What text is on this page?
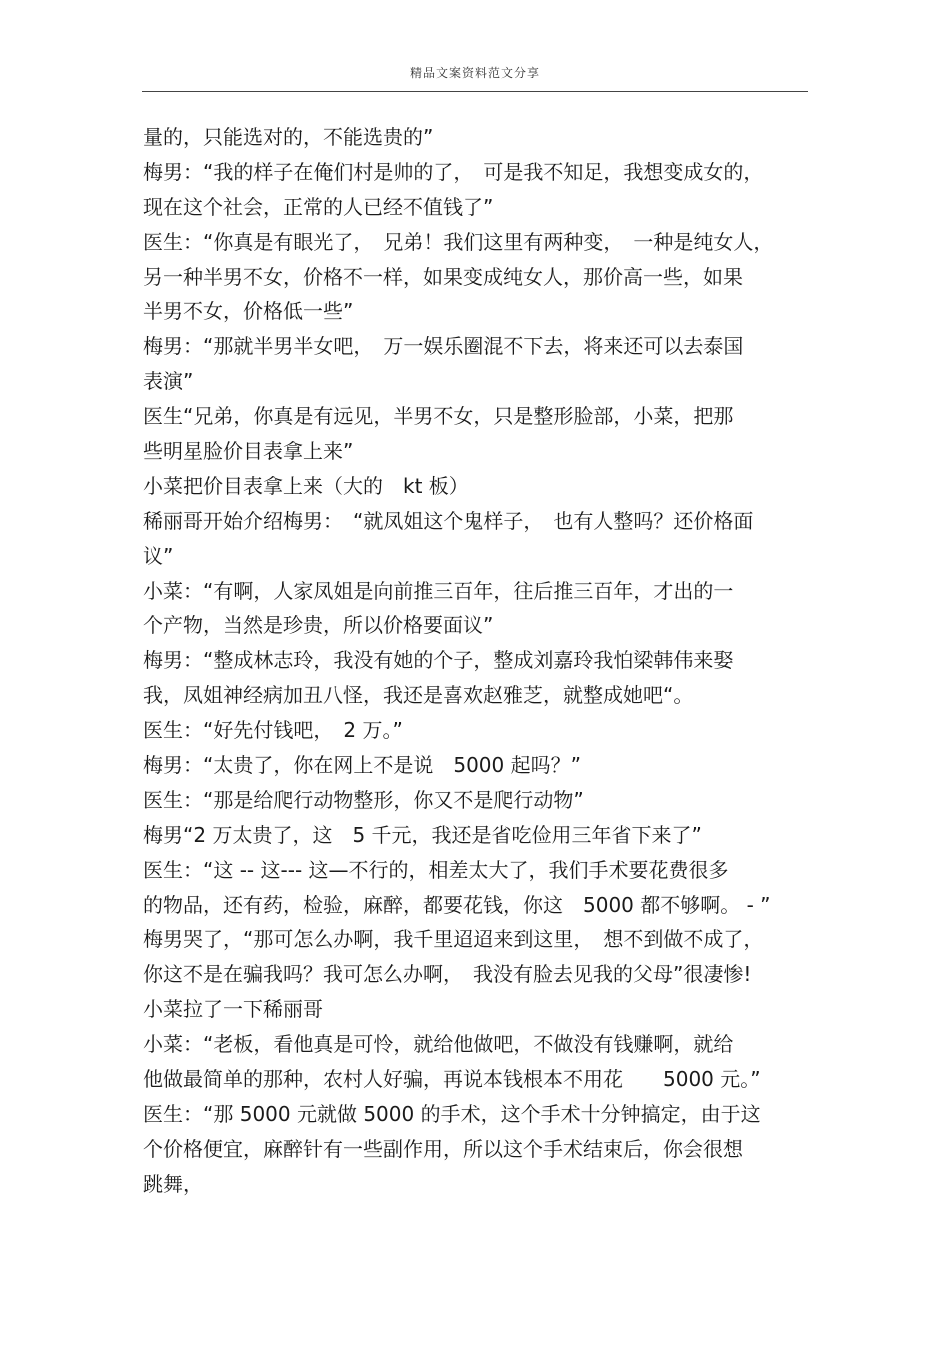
精品文案资料范文分享
量的，只能选对的，不能选贵的”
梅男：“我的样子在俺们村是帅的了，　可是我不知足，我想变成女的，
现在这个社会，正常的人已经不值钱了”
医生：“你真是有眼光了，　兄弟！我们这里有两种变，　一种是纯女人，
另一种半男不女，价格不一样，如果变成纯女人，那价高一些，如果
半男不女，价格低一些”
梅男：“那就半男半女吧，　万一娱乐圈混不下去，将来还可以去泰国
表演”
医生“兄弟，你真是有远见，半男不女，只是整形脸部，小菜，把那
些明星脸价目表拿上来”
小菜把价目表拿上来（大的　kt 板）
稀丽哥开始介绍梅男：　“就凤姐这个鬼样子，　也有人整吗？还价格面
议”
小菜：“有啊，人家凤姐是向前推三百年，往后推三百年，才出的一
个产物，当然是珍贵，所以价格要面议”
梅男：“整成林志玲，我没有她的个子，整成刘嘉玲我怕梁韩伟来娶
我，凤姐神经病加丑八怪，我还是喜欢赵雅芝，就整成她吧“。
医生：“好先付钱吧，　2 万。”
梅男：“太贵了，你在网上不是说　5000 起吗？”
医生：“那是给爬行动物整形，你又不是爬行动物”
梅男“2 万太贵了，这　5 千元，我还是省吃俭用三年省下来了”
医生：“这 -- 这--- 这—不行的，相差太大了，我们手术要花费很多
的物品，还有药，检验，麻醉，都要花钱，你这　5000 都不够啊。 - ”
梅男哭了，“那可怎么办啊，我千里迢迢来到这里，　想不到做不成了，
你这不是在骗我吗？我可怎么办啊，　我没有脸去见我的父母”很凄惨!
小菜拉了一下稀丽哥
小菜：“老板，看他真是可怜，就给他做吧，不做没有钱赚啊，就给
他做最简单的那种，农村人好骗，再说本钱根本不用花　　5000 元。”
医生：“那 5000 元就做 5000 的手术，这个手术十分钟搞定，由于这
个价格便宜，麻醉针有一些副作用，所以这个手术结束后，你会很想
跳舞，
